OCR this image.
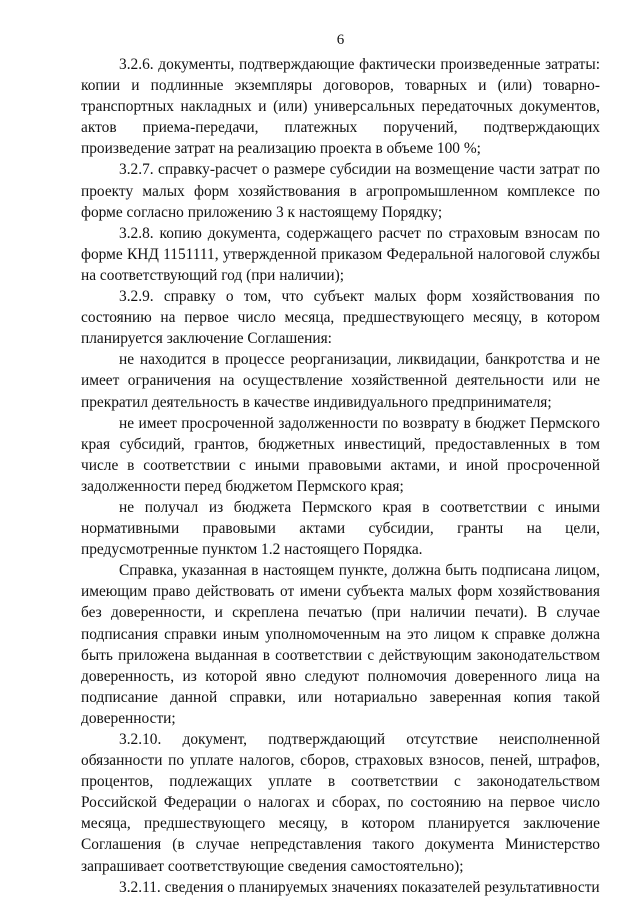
6

3.2.6. документы, подтверждающие фактически произведенные затраты: копии и подлинные экземпляры договоров, товарных и (или) товарно-транспортных накладных и (или) универсальных передаточных документов, актов приема-передачи, платежных поручений, подтверждающих произведение затрат на реализацию проекта в объеме 100 %;

3.2.7. справку-расчет о размере субсидии на возмещение части затрат по проекту малых форм хозяйствования в агропромышленном комплексе по форме согласно приложению 3 к настоящему Порядку;

3.2.8. копию документа, содержащего расчет по страховым взносам по форме КНД 1151111, утвержденной приказом Федеральной налоговой службы на соответствующий год (при наличии);

3.2.9. справку о том, что субъект малых форм хозяйствования по состоянию на первое число месяца, предшествующего месяцу, в котором планируется заключение Соглашения:

не находится в процессе реорганизации, ликвидации, банкротства и не имеет ограничения на осуществление хозяйственной деятельности или не прекратил деятельность в качестве индивидуального предпринимателя;

не имеет просроченной задолженности по возврату в бюджет Пермского края субсидий, грантов, бюджетных инвестиций, предоставленных в том числе в соответствии с иными правовыми актами, и иной просроченной задолженности перед бюджетом Пермского края;

не получал из бюджета Пермского края в соответствии с иными нормативными правовыми актами субсидии, гранты на цели, предусмотренные пунктом 1.2 настоящего Порядка.

Справка, указанная в настоящем пункте, должна быть подписана лицом, имеющим право действовать от имени субъекта малых форм хозяйствования без доверенности, и скреплена печатью (при наличии печати). В случае подписания справки иным уполномоченным на это лицом к справке должна быть приложена выданная в соответствии с действующим законодательством доверенность, из которой явно следуют полномочия доверенного лица на подписание данной справки, или нотариально заверенная копия такой доверенности;

3.2.10. документ, подтверждающий отсутствие неисполненной обязанности по уплате налогов, сборов, страховых взносов, пеней, штрафов, процентов, подлежащих уплате в соответствии с законодательством Российской Федерации о налогах и сборах, по состоянию на первое число месяца, предшествующего месяцу, в котором планируется заключение Соглашения (в случае непредставления такого документа Министерство запрашивает соответствующие сведения самостоятельно);

3.2.11. сведения о планируемых значениях показателей результативности
